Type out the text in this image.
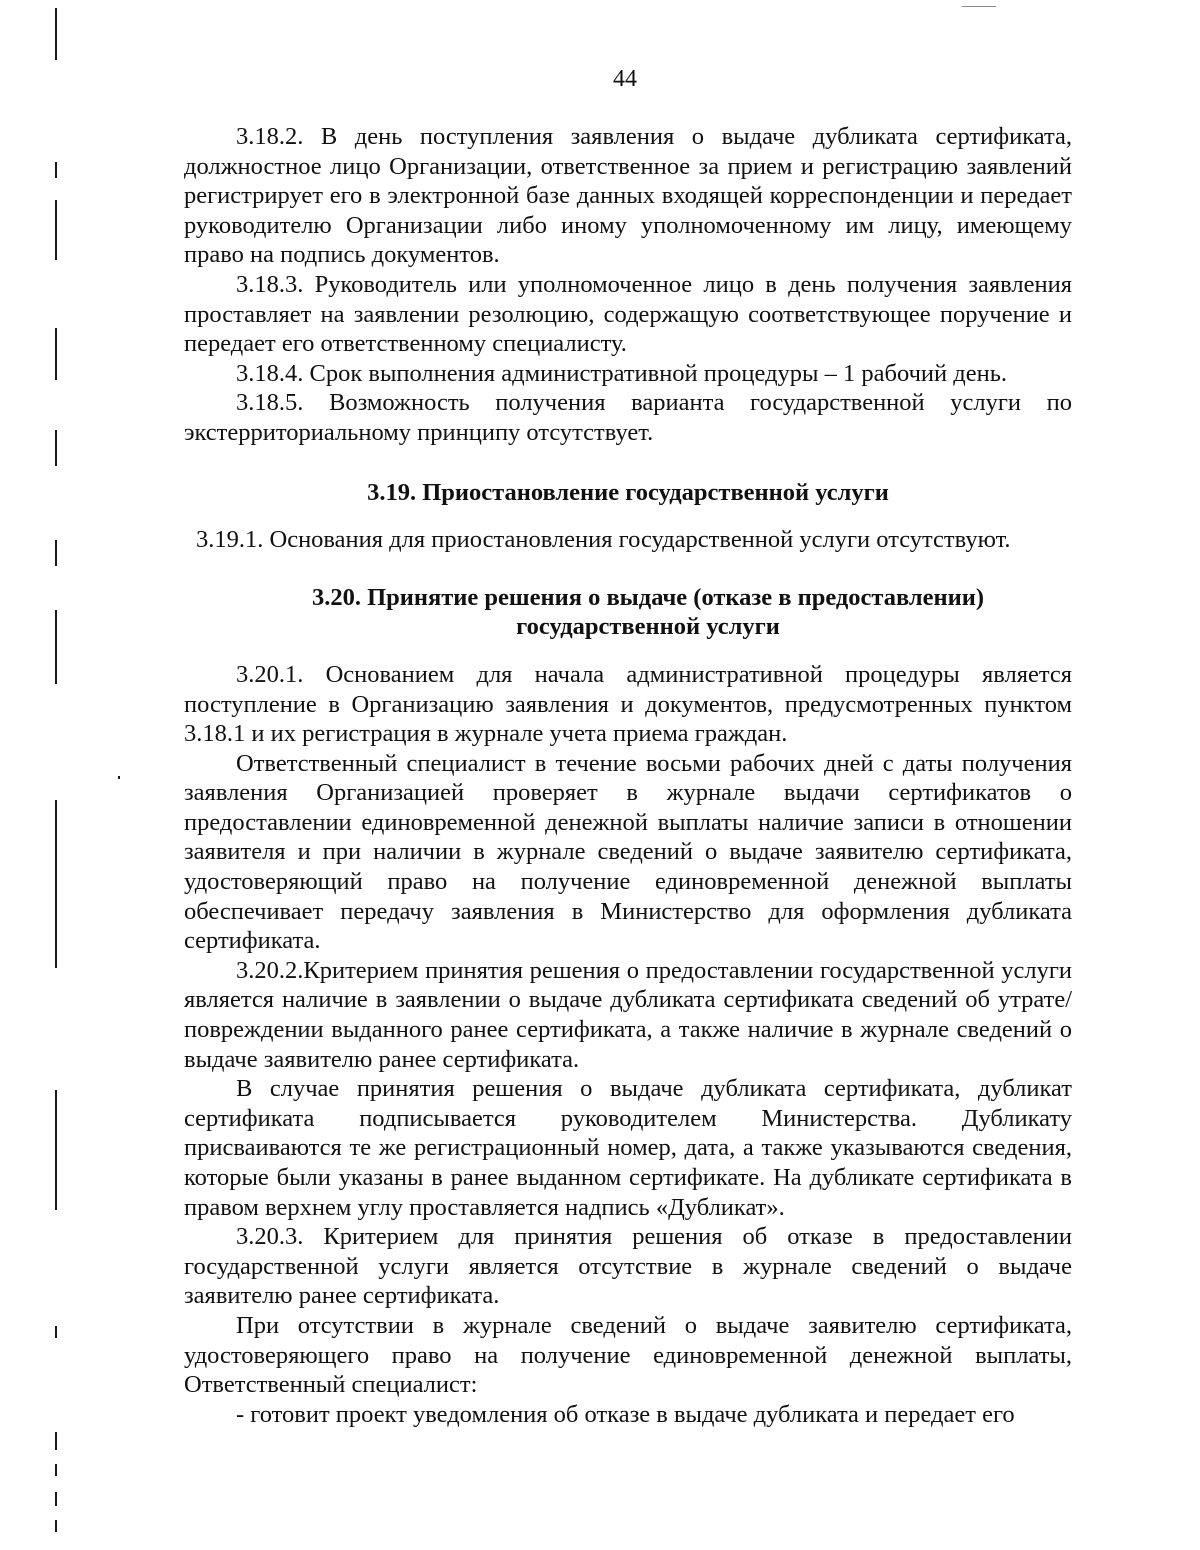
44

3.18.2. В день поступления заявления о выдаче дубликата сертификата, должностное лицо Организации, ответственное за прием и регистрацию заявлений регистрирует его в электронной базе данных входящей корреспонденции и передает руководителю Организации либо иному уполномоченному им лицу, имеющему право на подпись документов.

3.18.3. Руководитель или уполномоченное лицо в день получения заявления проставляет на заявлении резолюцию, содержащую соответствующее поручение и передает его ответственному специалисту.

3.18.4. Срок выполнения административной процедуры – 1 рабочий день.

3.18.5. Возможность получения варианта государственной услуги по экстерриториальному принципу отсутствует.

3.19. Приостановление государственной услуги

3.19.1. Основания для приостановления государственной услуги отсутствуют.

3.20. Принятие решения о выдаче (отказе в предоставлении)
государственной услуги

3.20.1. Основанием для начала административной процедуры является поступление в Организацию заявления и документов, предусмотренных пунктом 3.18.1 и их регистрация в журнале учета приема граждан.

Ответственный специалист в течение восьми рабочих дней с даты получения заявления Организацией проверяет в журнале выдачи сертификатов о предоставлении единовременной денежной выплаты наличие записи в отношении заявителя и при наличии в журнале сведений о выдаче заявителю сертификата, удостоверяющий право на получение единовременной денежной выплаты обеспечивает передачу заявления в Министерство для оформления дубликата сертификата.

3.20.2.Критерием принятия решения о предоставлении государственной услуги является наличие в заявлении о выдаче дубликата сертификата сведений об утрате/повреждении выданного ранее сертификата, а также наличие в журнале сведений о выдаче заявителю ранее сертификата.

В случае принятия решения о выдаче дубликата сертификата, дубликат сертификата подписывается руководителем Министерства. Дубликату присваиваются те же регистрационный номер, дата, а также указываются сведения, которые были указаны в ранее выданном сертификате. На дубликате сертификата в правом верхнем углу проставляется надпись «Дубликат».

3.20.3. Критерием для принятия решения об отказе в предоставлении государственной услуги является отсутствие в журнале сведений о выдаче заявителю ранее сертификата.

При отсутствии в журнале сведений о выдаче заявителю сертификата, удостоверяющего право на получение единовременной денежной выплаты, Ответственный специалист:

- готовит проект уведомления об отказе в выдаче дубликата и передает его
